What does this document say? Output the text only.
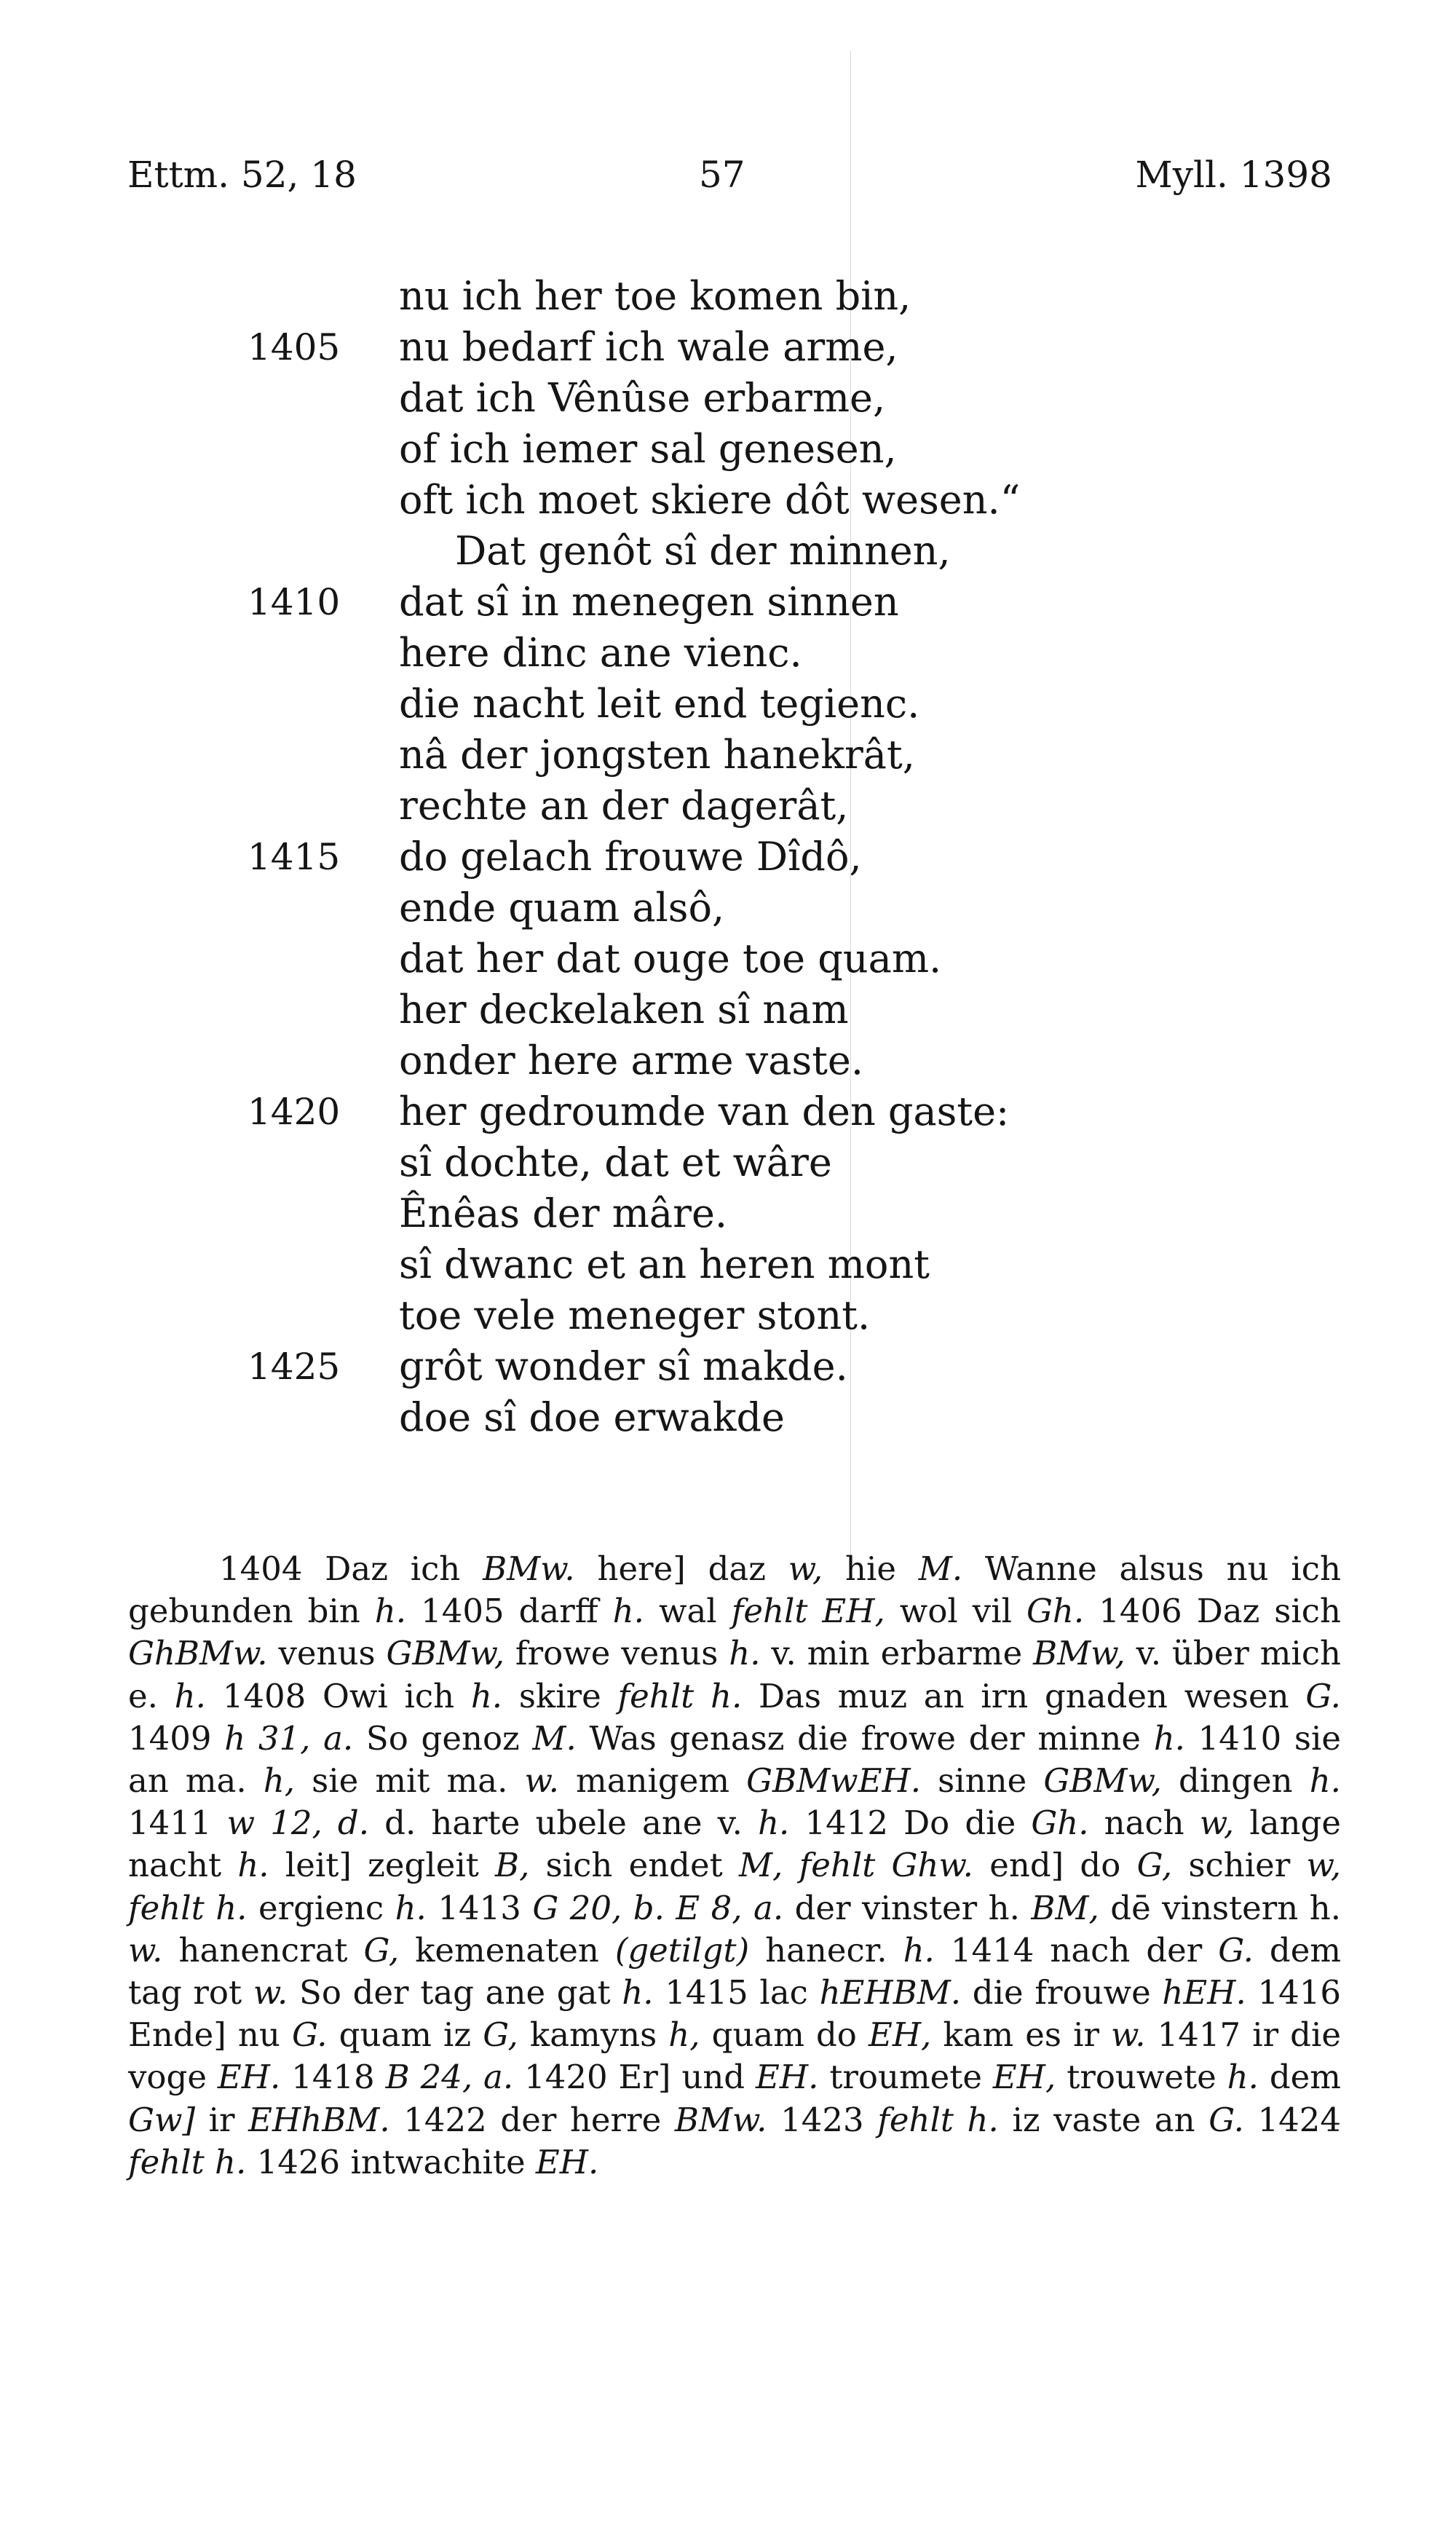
Ettm. 52, 18	57	Myll. 1398
nu ich her toe komen bin,
1405 nu bedarf ich wale arme,
dat ich Vênûse erbarme,
of ich iemer sal genesen,
oft ich moet skiere dôt wesen.“
Dat genôt sî der minnen,
1410 dat sî in menegen sinnen
here dinc ane vienc.
die nacht leit end tegienc.
nâ der jongsten hanekrât,
rechte an der dagerât,
1415 do gelach frouwe Dîdô,
ende quam alsô,
dat her dat ouge toe quam.
her deckelaken sî nam
onder here arme vaste.
1420 her gedroumde van den gaste:
sî dochte, dat et wâre
Ênêas der mâre.
sî dwanc et an heren mont
toe vele meneger stont.
1425 grôt wonder sî makde.
doe sî doe erwakde

1404 Daz ich BMw. here] daz w, hie M. Wanne alsus nu ich gebunden bin h. 1405 darff h. wal fehlt EH, wol vil Gh. 1406 Daz sich GhBMw. venus GBMw, frowe venus h. v. min erbarme BMw, v. über mich e. h. 1408 Owi ich h. skire fehlt h. Das muz an irn gnaden wesen G. 1409 h 31, a. So genoz M. Was genasz die frowe der minne h. 1410 sie an ma. h, sie mit ma. w. manigem GBMwEH. sinne GBMw, dingen h. 1411 w 12, d. d. harte ubele ane v. h. 1412 Do die Gh. nach w, lange nacht h. leit] zegleit B, sich endet M, fehlt Ghw. end] do G, schier w, fehlt h. ergienc h. 1413 G 20, b. E 8, a. der vinster h. BM, dē vinstern h. w. hanencrat G, kemenaten (getilgt) hanecr. h. 1414 nach der G. dem tag rot w. So der tag ane gat h. 1415 lac hEHBM. die frouwe hEH. 1416 Ende] nu G. quam iz G, kamyns h, quam do EH, kam es ir w. 1417 ir die voge EH. 1418 B 24, a. 1420 Er] und EH. troumete EH, trouwete h. dem Gw] ir EHhBM. 1422 der herre BMw. 1423 fehlt h. iz vaste an G. 1424 fehlt h. 1426 intwachite EH.
